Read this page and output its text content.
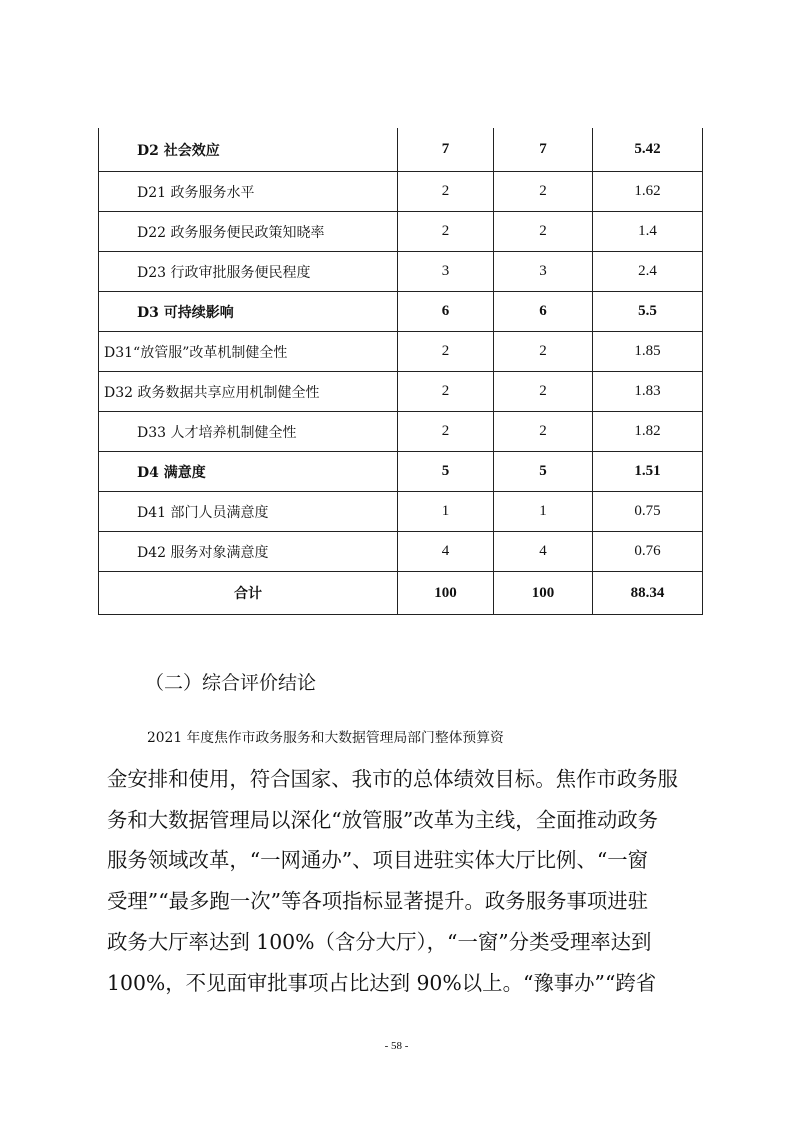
D2 社会效应	7	7	5.42
D21 政务服务水平	2	2	1.62
D22 政务服务便民政策知晓率	2	2	1.4
D23 行政审批服务便民程度	3	3	2.4
D3 可持续影响	6	6	5.5
D31“放管服”改革机制健全性	2	2	1.85
D32 政务数据共享应用机制健全性	2	2	1.83
D33 人才培养机制健全性	2	2	1.82
D4 满意度	5	5	1.51
D41 部门人员满意度	1	1	0.75
D42 服务对象满意度	4	4	0.76
合计	100	100	88.34
（二）综合评价结论

2021 年度焦作市政务服务和大数据管理局部门整体预算资
金安排和使用，符合国家、我市的总体绩效目标。焦作市政务服
务和大数据管理局以深化“放管服”改革为主线，全面推动政务
服务领域改革，“一网通办”、项目进驻实体大厅比例、“一窗
受理”“最多跑一次”等各项指标显著提升。政务服务事项进驻
政务大厅率达到 100%（含分大厅），“一窗”分类受理率达到
100%，不见面审批事项占比达到 90%以上。“豫事办”“跨省

- 58 -
